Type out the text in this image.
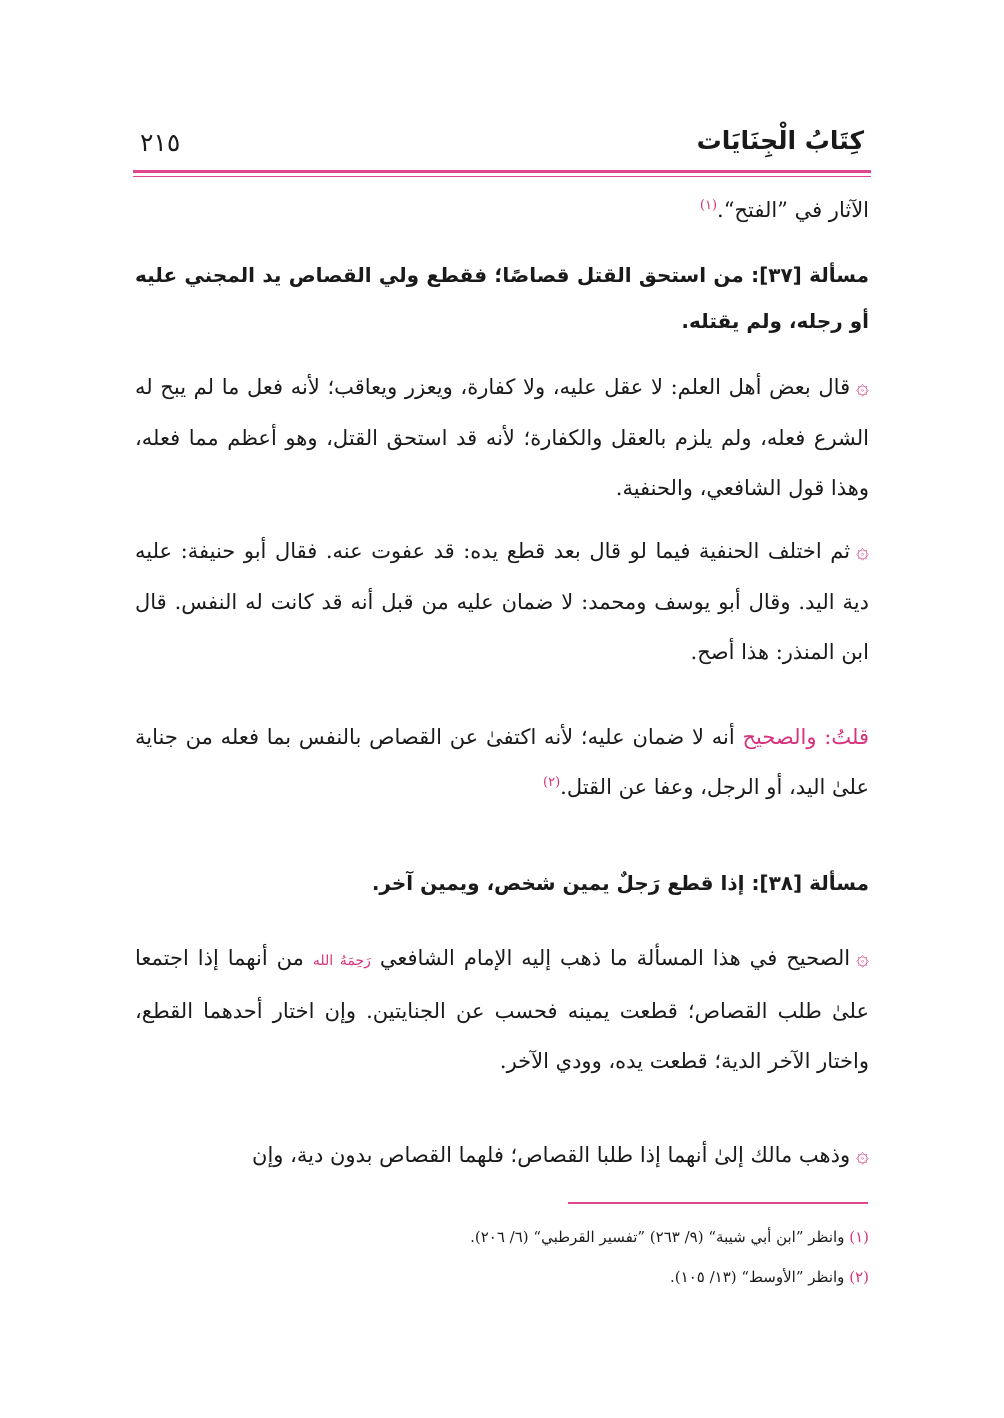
كِتَابُ الْجِنَايَات
٢١٥
الآثار في ”الفتح“.$^{(١)}$
مسألة [٣٧]: من استحق القتل قصاصًا؛ فقطع ولي القصاص يد المجني عليه أو رجله، ولم يقتله.
۞قال بعض أهل العلم: لا عقل عليه، ولا كفارة، ويعزر ويعاقب؛ لأنه فعل ما لم يبح له الشرع فعله، ولم يلزم بالعقل والكفارة؛ لأنه قد استحق القتل، وهو أعظم مما فعله، وهذا قول الشافعي، والحنفية.
۞ثم اختلف الحنفية فيما لو قال بعد قطع يده: قد عفوت عنه. فقال أبو حنيفة: عليه دية اليد. وقال أبو يوسف ومحمد: لا ضمان عليه من قبل أنه قد كانت له النفس. قال ابن المنذر: هذا أصح.
قلتُ: والصحيح أنه لا ضمان عليه؛ لأنه اكتفىٰ عن القصاص بالنفس بما فعله من جناية علىٰ اليد، أو الرجل، وعفا عن القتل.$^{(٢)}$
مسألة [٣٨]: إذا قطع رَجلٌ يمين شخص، ويمين آخر.
۞الصحيح في هذا المسألة ما ذهب إليه الإمام الشافعي رَحِمَهُ الله من أنهما إذا اجتمعا علىٰ طلب القصاص؛ قطعت يمينه فحسب عن الجنايتين. وإن اختار أحدهما القطع، واختار الآخر الدية؛ قطعت يده، وودي الآخر.
۞وذهب مالك إلىٰ أنهما إذا طلبا القصاص؛ فلهما القصاص بدون دية، وإن
(١) وانظر ”ابن أبي شيبة“ (٩/ ٢٦٣) ”تفسير القرطبي“ (٦/ ٢٠٦).
(٢) وانظر ”الأوسط“ (١٣/ ١٠٥).
